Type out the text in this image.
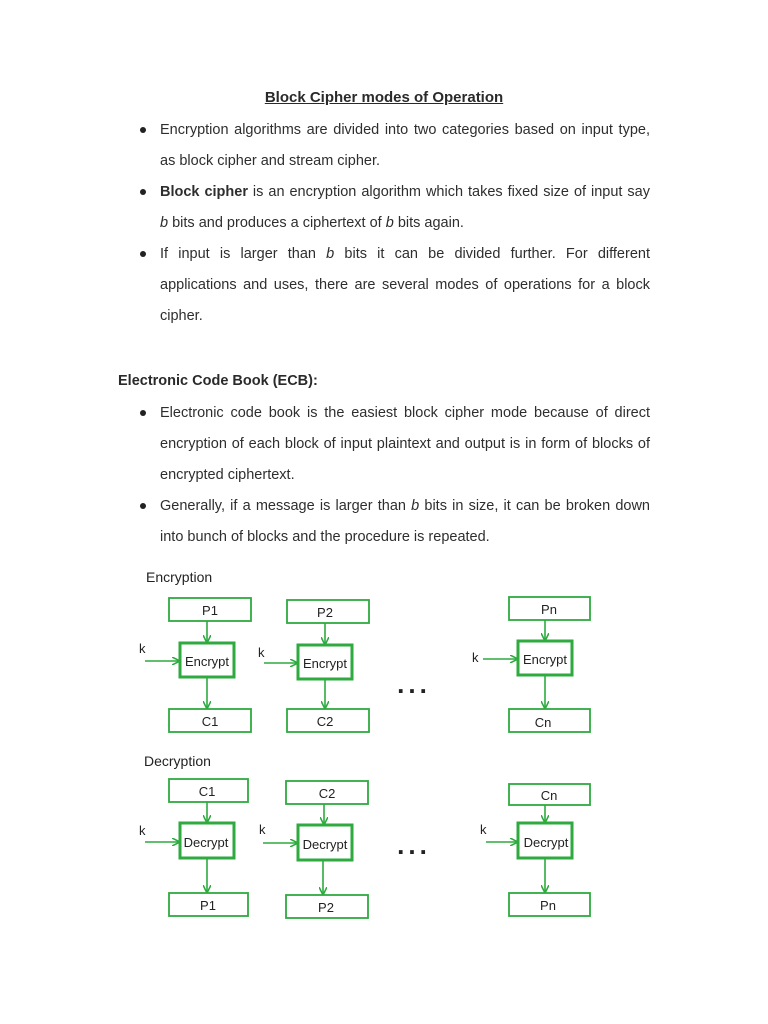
Block Cipher modes of Operation
Encryption algorithms are divided into two categories based on input type, as block cipher and stream cipher.
Block cipher is an encryption algorithm which takes fixed size of input say b bits and produces a ciphertext of b bits again.
If input is larger than b bits it can be divided further. For different applications and uses, there are several modes of operations for a block cipher.
Electronic Code Book (ECB):
Electronic code book is the easiest block cipher mode because of direct encryption of each block of input plaintext and output is in form of blocks of encrypted ciphertext.
Generally, if a message is larger than b bits in size, it can be broken down into bunch of blocks and the procedure is repeated.
Encryption
P1
k
Encrypt
C1
P2
k
Encrypt
C2
...
Pn
k	Encrypt
Cn
Decryption
C1
k
Decrypt
P1
C2
k
Decrypt
P2
...
Cn
k
Decrypt
Pn
